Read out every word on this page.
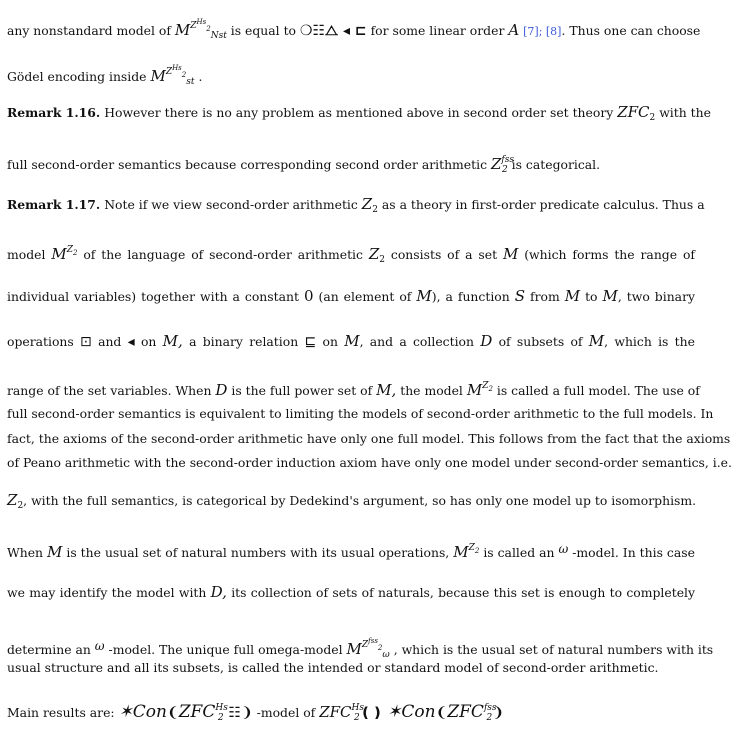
any nonstandard model of $M^{Z^{Hs}_2}_{Nst}$ is equal to ❍☷⧍ ◂ ⊏ for some linear order A [7]; [8]. Thus one can choose
Gödel encoding inside $M^{Z^{Hs}_2}_{st}$ .
Remark 1.16. However there is no any problem as mentioned above in second order set theory $ZFC_2$ with the
full second-order semantics because corresponding second order arithmetic $Z^{fss}_2$ is categorical.
Remark 1.17. Note if we view second-order arithmetic $Z_2$ as a theory in first-order predicate calculus. Thus a
model $M^{Z_2}$ of the language of second-order arithmetic $Z_2$ consists of a set M (which forms the range of
individual variables) together with a constant 0 (an element of M), a function S from M to M, two binary
operations ⊡ and ◂ on M, a binary relation ⊑ on M, and a collection D of subsets of M, which is the
range of the set variables. When D is the full power set of M, the model $M^{Z_2}$ is called a full model. The use of
full second-order semantics is equivalent to limiting the models of second-order arithmetic to the full models. In
fact, the axioms of the second-order arithmetic have only one full model. This follows from the fact that the axioms
of Peano arithmetic with the second-order induction axiom have only one model under second-order semantics, i.e.
$Z_2$, with the full semantics, is categorical by Dedekind's argument, so has only one model up to isomorphism.
When M is the usual set of natural numbers with its usual operations, $M^{Z_2}$ is called an ω -model. In this case
we may identify the model with D, its collection of sets of naturals, because this set is enough to completely
determine an ω -model. The unique full omega-model $M^{Z^{fss}_2}_\omega$ , which is the usual set of natural numbers with its
usual structure and all its subsets, is called the intended or standard model of second-order arithmetic.
Main results are: $✶Con❨ZFC^{Hs}_2$ ☷❩ -model of $ZFC^{Hs}_2❪❫$ $✶Con❨ZFC^{fss}_2❩$
